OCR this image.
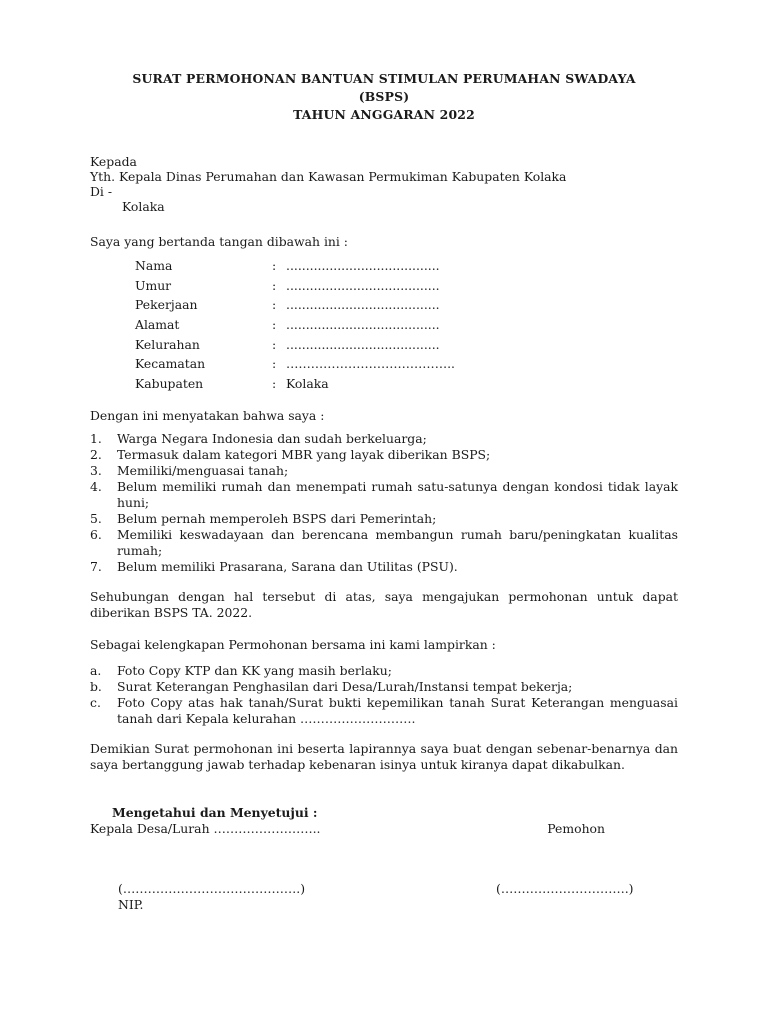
SURAT PERMOHONAN BANTUAN STIMULAN PERUMAHAN SWADAYA
(BSPS)
TAHUN ANGGARAN 2022
Kepada
Yth. Kepala Dinas Perumahan dan Kawasan Permukiman Kabupaten Kolaka
Di -
Kolaka
Saya yang bertanda tangan dibawah ini :
Nama	:	.......................................
Umur	:	.......................................
Pekerjaan	:	.......................................
Alamat	:	.......................................
Kelurahan	:	.......................................
Kecamatan	:	…………………………………..
Kabupaten	:	Kolaka
Dengan ini menyatakan bahwa saya :
1.	Warga Negara Indonesia dan sudah berkeluarga;
2.	Termasuk dalam kategori MBR yang layak diberikan BSPS;
3.	Memiliki/menguasai tanah;
4.	Belum memiliki rumah dan menempati rumah satu-satunya dengan kondosi tidak layak huni;
5.	Belum pernah memperoleh BSPS dari Pemerintah;
6.	Memiliki keswadayaan dan berencana membangun rumah baru/peningkatan kualitas rumah;
7.	Belum memiliki Prasarana, Sarana dan Utilitas (PSU).
Sehubungan dengan hal tersebut di atas, saya mengajukan permohonan untuk dapat diberikan BSPS TA. 2022.
Sebagai kelengkapan Permohonan bersama ini kami lampirkan :
a.	Foto Copy KTP dan KK yang masih berlaku;
b.	Surat Keterangan Penghasilan dari Desa/Lurah/Instansi tempat bekerja;
c.	Foto Copy atas hak tanah/Surat bukti kepemilikan tanah Surat Keterangan menguasai tanah dari Kepala kelurahan ……………………….
Demikian Surat permohonan ini beserta lapirannya saya buat dengan sebenar-benarnya dan saya bertanggung jawab terhadap kebenaran isinya untuk kiranya dapat dikabulkan.
Mengetahui dan Menyetujui :
Kepala Desa/Lurah ……………………..	Pemohon
(…………………………………….)	(………………………….)
NIP.
